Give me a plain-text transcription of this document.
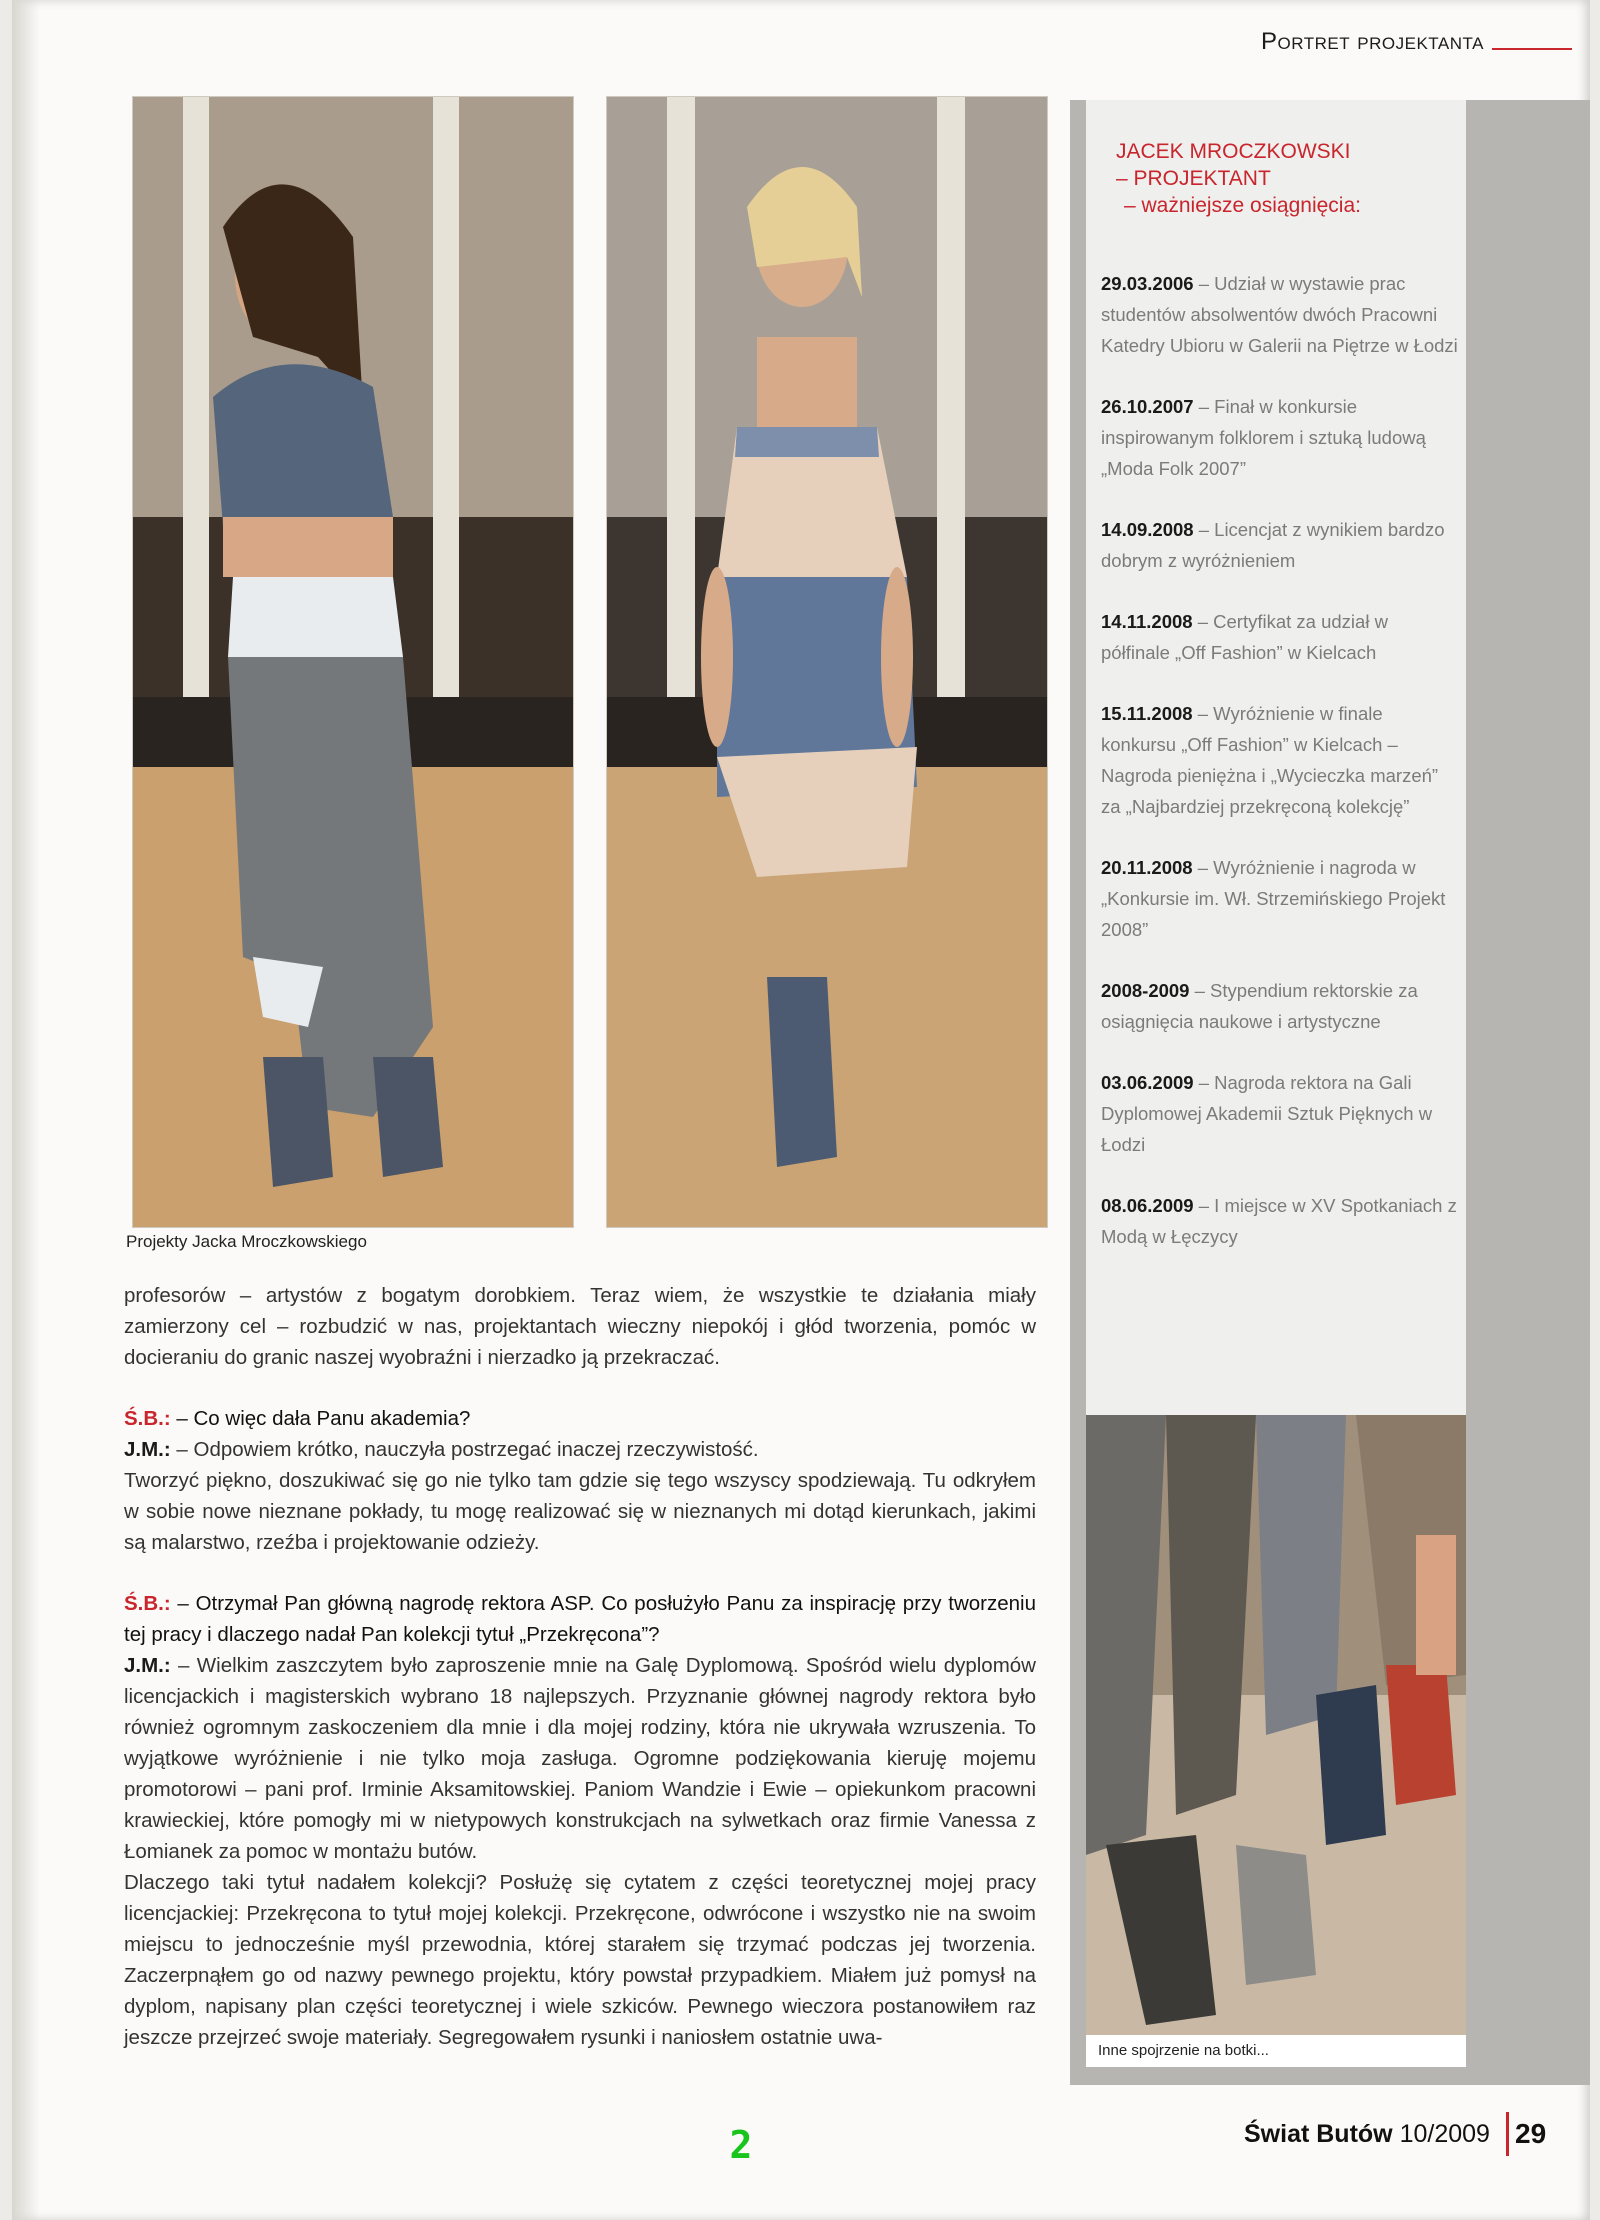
Portret projektanta
Projekty Jacka Mroczkowskiego
JACEK MROCZKOWSKI
– PROJEKTANT
– ważniejsze osiągnięcia:
29.03.2006 – Udział w wystawie prac studentów absolwentów dwóch Pracowni Katedry Ubioru w Galerii na Piętrze w Łodzi
26.10.2007 – Finał w konkursie inspirowanym folklorem i sztuką ludową „Moda Folk 2007”
14.09.2008 – Licencjat z wynikiem bardzo dobrym z wyróżnieniem
14.11.2008 – Certyfikat za udział w półfinale „Off Fashion” w Kielcach
15.11.2008 – Wyróżnienie w finale konkursu „Off Fashion” w Kielcach – Nagroda pieniężna i „Wycieczka marzeń” za „Najbardziej przekręconą kolekcję”
20.11.2008 – Wyróżnienie i nagroda w „Konkursie im. Wł. Strzemińskiego Projekt 2008”
2008-2009 – Stypendium rektorskie za osiągnięcia naukowe i artystyczne
03.06.2009 – Nagroda rektora na Gali Dyplomowej Akademii Sztuk Pięknych w Łodzi
08.06.2009 – I miejsce w XV Spotkaniach z Modą w Łęczycy
Inne spojrzenie na botki...

profesorów – artystów z bogatym dorobkiem. Teraz wiem, że wszystkie te działania miały zamierzony cel – rozbudzić w nas, projektantach wieczny niepokój i głód tworzenia, pomóc w docieraniu do granic naszej wyobraźni i nierzadko ją przekraczać.

Ś.B.: – Co więc dała Panu akademia?

J.M.: – Odpowiem krótko, nauczyła postrzegać inaczej rzeczywistość.

Tworzyć piękno, doszukiwać się go nie tylko tam gdzie się tego wszyscy spodziewają. Tu odkryłem w sobie nowe nieznane pokłady, tu mogę realizować się w nieznanych mi dotąd kierunkach, jakimi są malarstwo, rzeźba i projektowanie odzieży.

Ś.B.: – Otrzymał Pan główną nagrodę rektora ASP. Co posłużyło Panu za inspirację przy tworzeniu tej pracy i dlaczego nadał Pan kolekcji tytuł „Przekręcona”?

J.M.: – Wielkim zaszczytem było zaproszenie mnie na Galę Dyplomową. Spośród wielu dyplomów licencjackich i magisterskich wybrano 18 najlepszych. Przyznanie głównej nagrody rektora było również ogromnym zaskoczeniem dla mnie i dla mojej rodziny, która nie ukrywała wzruszenia. To wyjątkowe wyróżnienie i nie tylko moja zasługa. Ogromne podziękowania kieruję mojemu promotorowi – pani prof. Irminie Aksamitowskiej. Paniom Wandzie i Ewie – opiekunkom pracowni krawieckiej, które pomogły mi w nietypowych konstrukcjach na sylwetkach oraz firmie Vanessa z Łomianek za pomoc w montażu butów.

Dlaczego taki tytuł nadałem kolekcji? Posłużę się cytatem z części teoretycznej mojej pracy licencjackiej: Przekręcona to tytuł mojej kolekcji. Przekręcone, odwrócone i wszystko nie na swoim miejscu to jednocześnie myśl przewodnia, której starałem się trzymać podczas jej tworzenia. Zaczerpnąłem go od nazwy pewnego projektu, który powstał przypadkiem. Miałem już pomysł na dyplom, napisany plan części teoretycznej i wiele szkiców. Pewnego wieczora postanowiłem raz jeszcze przejrzeć swoje materiały. Segregowałem rysunki i naniosłem ostatnie uwa-

2	Świat Butów 10/2009 29
